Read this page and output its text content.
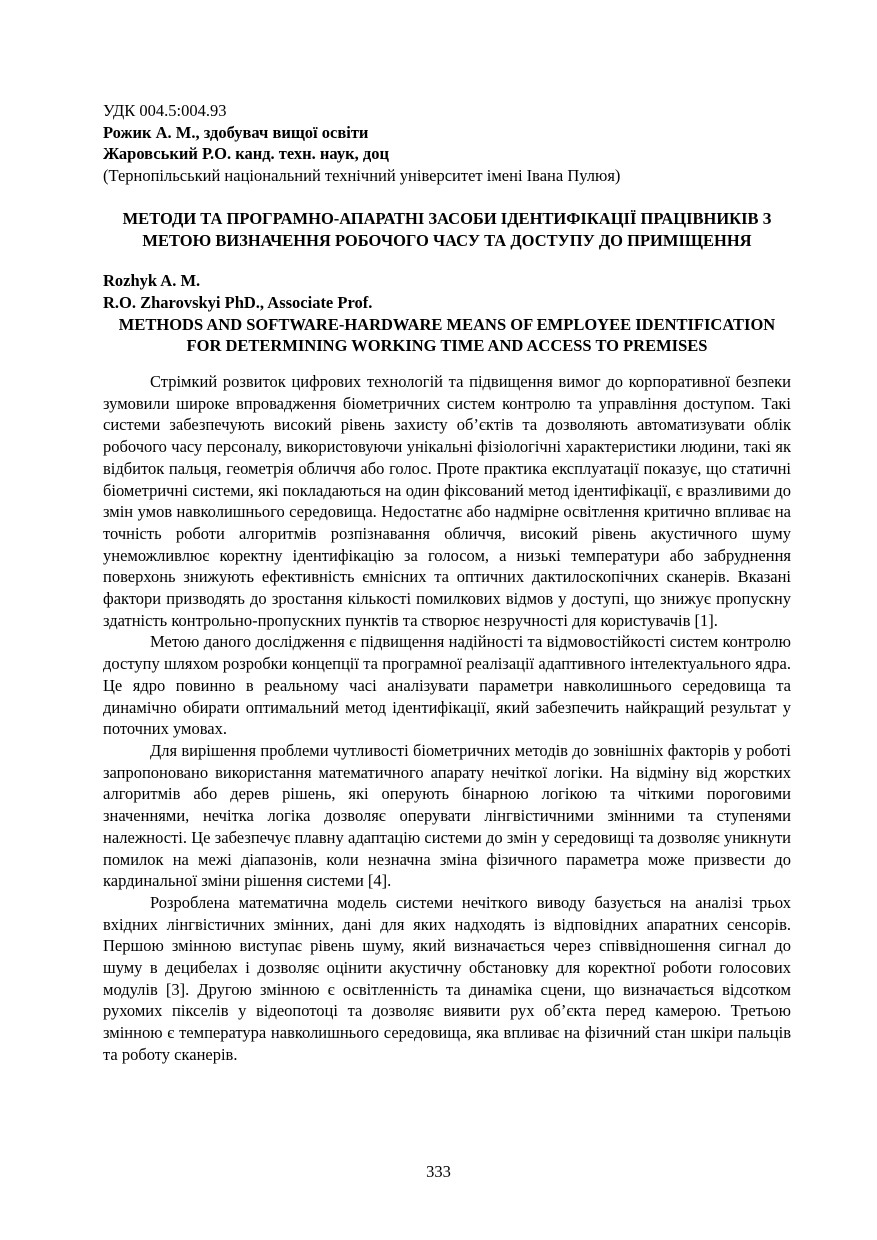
УДК 004.5:004.93
Рожик А. М., здобувач вищої освіти
Жаровський Р.О. канд. техн. наук, доц
(Тернопільський національний технічний університет імені Івана Пулюя)
МЕТОДИ ТА ПРОГРАМНО-АПАРАТНІ ЗАСОБИ ІДЕНТИФІКАЦІЇ ПРАЦІВНИКІВ З МЕТОЮ ВИЗНАЧЕННЯ РОБОЧОГО ЧАСУ ТА ДОСТУПУ ДО ПРИМІЩЕННЯ
Rozhyk A. M.
R.O. Zharovskyi PhD., Associate Prof.
METHODS AND SOFTWARE-HARDWARE MEANS OF EMPLOYEE IDENTIFICATION FOR DETERMINING WORKING TIME AND ACCESS TO PREMISES

Стрімкий розвиток цифрових технологій та підвищення вимог до корпоративної безпеки зумовили широке впровадження біометричних систем контролю та управління доступом. Такі системи забезпечують високий рівень захисту об’єктів та дозволяють автоматизувати облік робочого часу персоналу, використовуючи унікальні фізіологічні характеристики людини, такі як відбиток пальця, геометрія обличчя або голос. Проте практика експлуатації показує, що статичні біометричні системи, які покладаються на один фіксований метод ідентифікації, є вразливими до змін умов навколишнього середовища. Недостатнє або надмірне освітлення критично впливає на точність роботи алгоритмів розпізнавання обличчя, високий рівень акустичного шуму унеможливлює коректну ідентифікацію за голосом, а низькі температури або забруднення поверхонь знижують ефективність ємнісних та оптичних дактилоскопічних сканерів. Вказані фактори призводять до зростання кількості помилкових відмов у доступі, що знижує пропускну здатність контрольно-пропускних пунктів та створює незручності для користувачів [1].

Метою даного дослідження є підвищення надійності та відмовостійкості систем контролю доступу шляхом розробки концепції та програмної реалізації адаптивного інтелектуального ядра. Це ядро повинно в реальному часі аналізувати параметри навколишнього середовища та динамічно обирати оптимальний метод ідентифікації, який забезпечить найкращий результат у поточних умовах.

Для вирішення проблеми чутливості біометричних методів до зовнішніх факторів у роботі запропоновано використання математичного апарату нечіткої логіки. На відміну від жорстких алгоритмів або дерев рішень, які оперують бінарною логікою та чіткими пороговими значеннями, нечітка логіка дозволяє оперувати лінгвістичними змінними та ступенями належності. Це забезпечує плавну адаптацію системи до змін у середовищі та дозволяє уникнути помилок на межі діапазонів, коли незначна зміна фізичного параметра може призвести до кардинальної зміни рішення системи [4].

Розроблена математична модель системи нечіткого виводу базується на аналізі трьох вхідних лінгвістичних змінних, дані для яких надходять із відповідних апаратних сенсорів. Першою змінною виступає рівень шуму, який визначається через співвідношення сигнал до шуму в децибелах і дозволяє оцінити акустичну обстановку для коректної роботи голосових модулів [3]. Другою змінною є освітленність та динаміка сцени, що визначається відсотком рухомих пікселів у відеопотоці та дозволяє виявити рух об’єкта перед камерою. Третьою змінною є температура навколишнього середовища, яка впливає на фізичний стан шкіри пальців та роботу сканерів.

333
